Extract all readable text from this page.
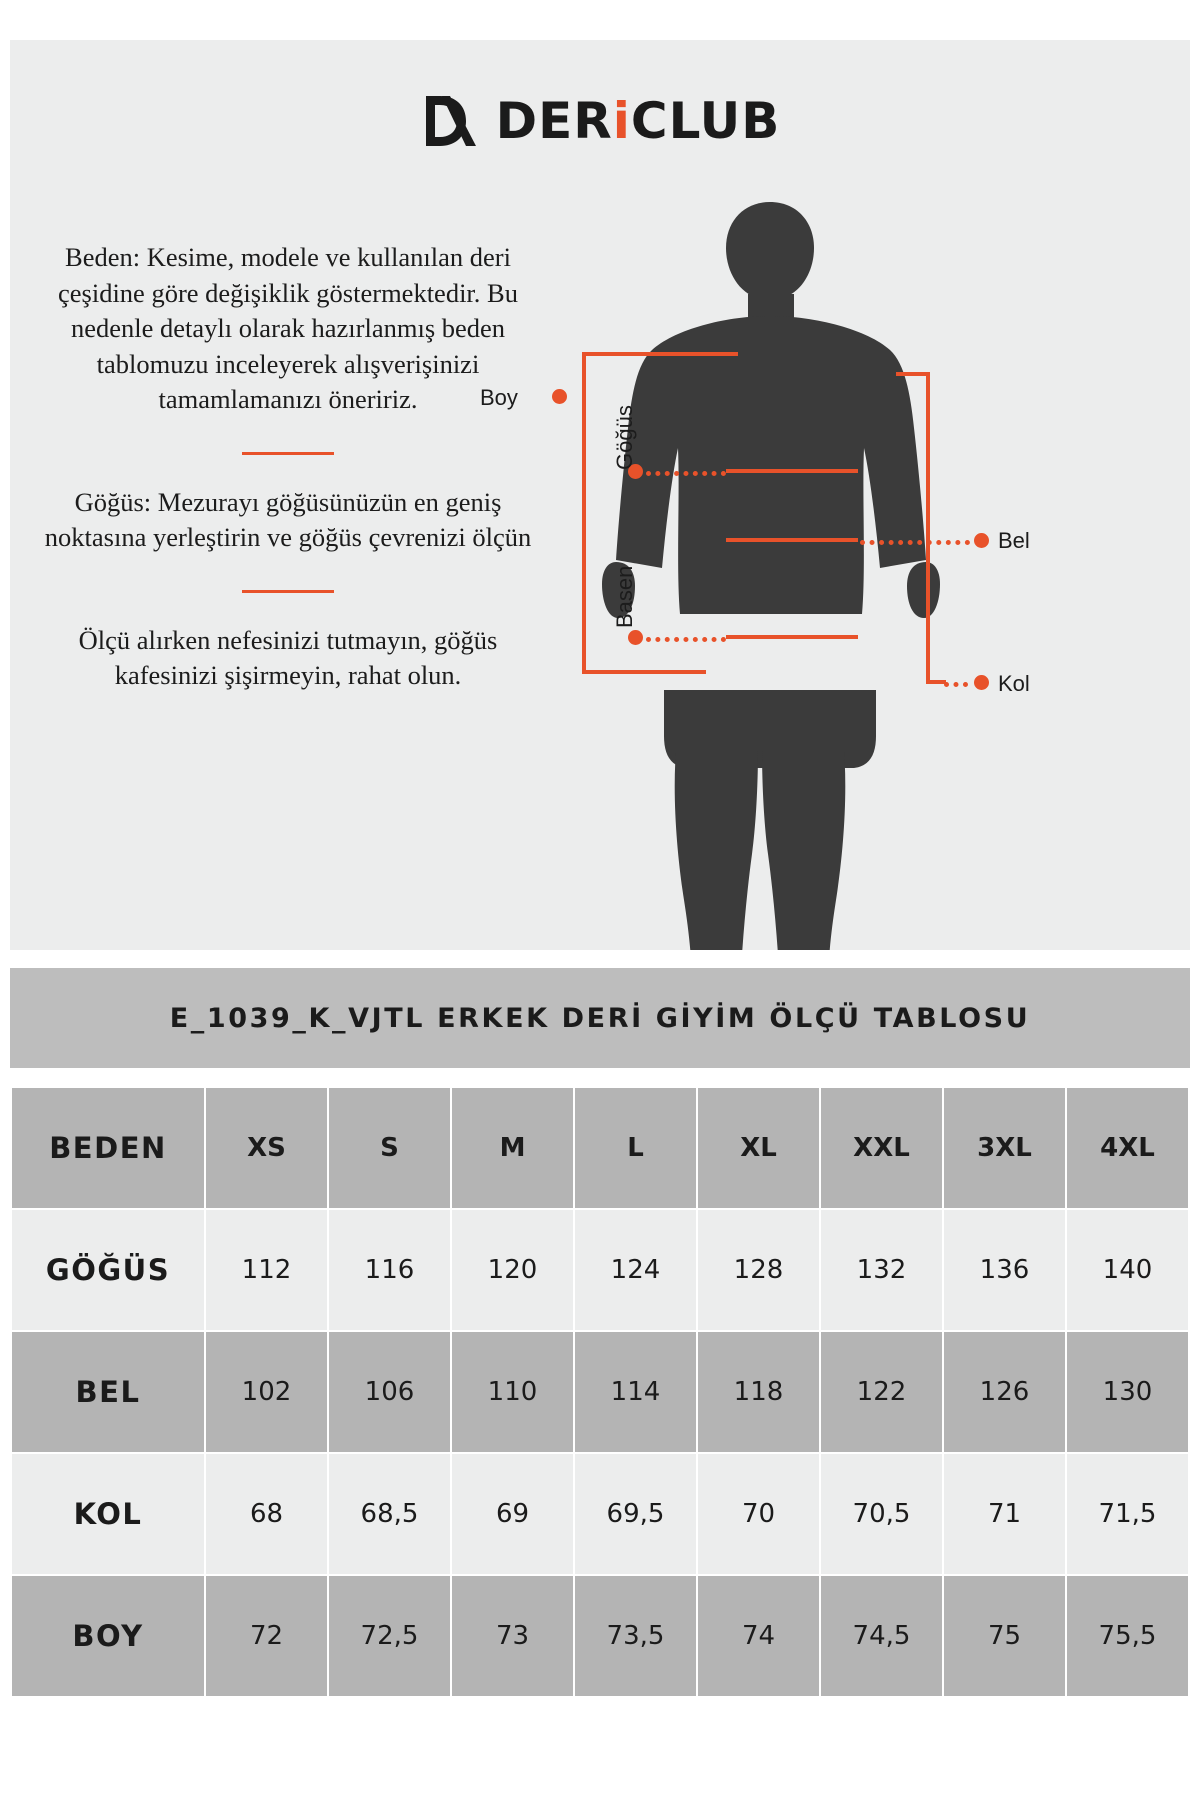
DERiCLUB
Beden: Kesime, modele ve kullanılan deri çeşidine göre değişiklik göstermektedir. Bu nedenle detaylı olarak hazırlanmış beden tablomuzu inceleyerek alışverişinizi tamamlamanızı öneririz.
Göğüs: Mezurayı göğüsünüzün en geniş noktasına yerleştirin ve göğüs çevrenizi ölçün
Ölçü alırken nefesinizi tutmayın, göğüs kafesinizi şişirmeyin, rahat olun.
Boy
Göğüs
Bel
Basen
Kol
E_1039_K_VJTL ERKEK DERİ GİYİM ÖLÇÜ TABLOSU
BEDEN	XS	S	M	L	XL	XXL	3XL	4XL
GÖĞÜS	112	116	120	124	128	132	136	140
BEL	102	106	110	114	118	122	126	130
KOL	68	68,5	69	69,5	70	70,5	71	71,5
BOY	72	72,5	73	73,5	74	74,5	75	75,5
